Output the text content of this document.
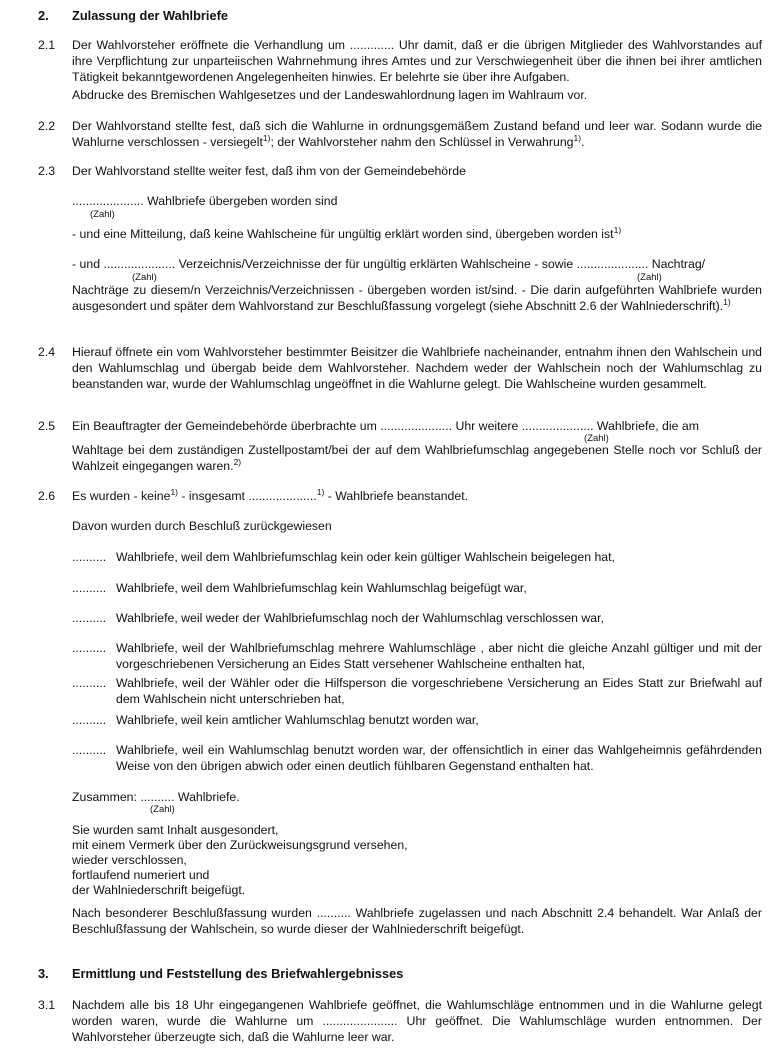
2. Zulassung der Wahlbriefe
2.1 Der Wahlvorsteher eröffnete die Verhandlung um ............. Uhr damit, daß er die übrigen Mitglieder des Wahlvorstandes auf ihre Verpflichtung zur unparteiischen Wahrnehmung ihres Amtes und zur Verschwiegenheit über die ihnen bei ihrer amtlichen Tätigkeit bekanntgewordenen Angelegenheiten hinwies. Er belehrte sie über ihre Aufgaben.
Abdrucke des Bremischen Wahlgesetzes und der Landeswahlordnung lagen im Wahlraum vor.
2.2 Der Wahlvorstand stellte fest, daß sich die Wahlurne in ordnungsgemäßem Zustand befand und leer war. Sodann wurde die Wahlurne verschlossen - versiegelt$^{1)}$; der Wahlvorsteher nahm den Schlüssel in Verwahrung$^{1)}$.
2.3 Der Wahlvorstand stellte weiter fest, daß ihm von der Gemeindebehörde
..................... Wahlbriefe übergeben worden sind
(Zahl)
- und eine Mitteilung, daß keine Wahlscheine für ungültig erklärt worden sind, übergeben worden ist$^{1)}$
- und ..................... Verzeichnis/Verzeichnisse der für ungültig erklärten Wahlscheine - sowie ..................... Nachtrag/
(Zahl)	(Zahl)
Nachträge zu diesem/n Verzeichnis/Verzeichnissen - übergeben worden ist/sind. - Die darin aufgeführten Wahlbriefe wurden ausgesondert und später dem Wahlvorstand zur Beschlußfassung vorgelegt (siehe Abschnitt 2.6 der Wahlniederschrift).$^{1)}$
2.4 Hierauf öffnete ein vom Wahlvorsteher bestimmter Beisitzer die Wahlbriefe nacheinander, entnahm ihnen den Wahlschein und den Wahlumschlag und übergab beide dem Wahlvorsteher. Nachdem weder der Wahlschein noch der Wahlumschlag zu beanstanden war, wurde der Wahlumschlag ungeöffnet in die Wahlurne gelegt. Die Wahlscheine wurden gesammelt.
2.5 Ein Beauftragter der Gemeindebehörde überbrachte um ..................... Uhr weitere ..................... Wahlbriefe, die am
(Zahl)
Wahltage bei dem zuständigen Zustellpostamt/bei der auf dem Wahlbriefumschlag angegebenen Stelle noch vor Schluß der Wahlzeit eingegangen waren.$^{2)}$
2.6 Es wurden - keine$^{1)}$ - insgesamt ....................$^{1)}$ - Wahlbriefe beanstandet.
Davon wurden durch Beschluß zurückgewiesen
.......... Wahlbriefe, weil dem Wahlbriefumschlag kein oder kein gültiger Wahlschein beigelegen hat,
.......... Wahlbriefe, weil dem Wahlbriefumschlag kein Wahlumschlag beigefügt war,
.......... Wahlbriefe, weil weder der Wahlbriefumschlag noch der Wahlumschlag verschlossen war,
.......... Wahlbriefe, weil der Wahlbriefumschlag mehrere Wahlumschläge , aber nicht die gleiche Anzahl gültiger und mit der vorgeschriebenen Versicherung an Eides Statt versehener Wahlscheine enthalten hat,
.......... Wahlbriefe, weil der Wähler oder die Hilfsperson die vorgeschriebene Versicherung an Eides Statt zur Briefwahl auf dem Wahlschein nicht unterschrieben hat,
.......... Wahlbriefe, weil kein amtlicher Wahlumschlag benutzt worden war,
.......... Wahlbriefe, weil ein Wahlumschlag benutzt worden war, der offensichtlich in einer das Wahlgeheimnis gefährdenden Weise von den übrigen abwich oder einen deutlich fühlbaren Gegenstand enthalten hat.
Zusammen: .......... Wahlbriefe.
(Zahl)
Sie wurden samt Inhalt ausgesondert,
mit einem Vermerk über den Zurückweisungsgrund versehen,
wieder verschlossen,
fortlaufend numeriert und
der Wahlniederschrift beigefügt.
Nach besonderer Beschlußfassung wurden .......... Wahlbriefe zugelassen und nach Abschnitt 2.4 behandelt. War Anlaß der Beschlußfassung der Wahlschein, so wurde dieser der Wahlniederschrift beigefügt.
3. Ermittlung und Feststellung des Briefwahlergebnisses
3.1 Nachdem alle bis 18 Uhr eingegangenen Wahlbriefe geöffnet, die Wahlumschläge entnommen und in die Wahlurne gelegt worden waren, wurde die Wahlurne um ...................... Uhr geöffnet. Die Wahlumschläge wurden entnommen. Der Wahlvorsteher überzeugte sich, daß die Wahlurne leer war.
